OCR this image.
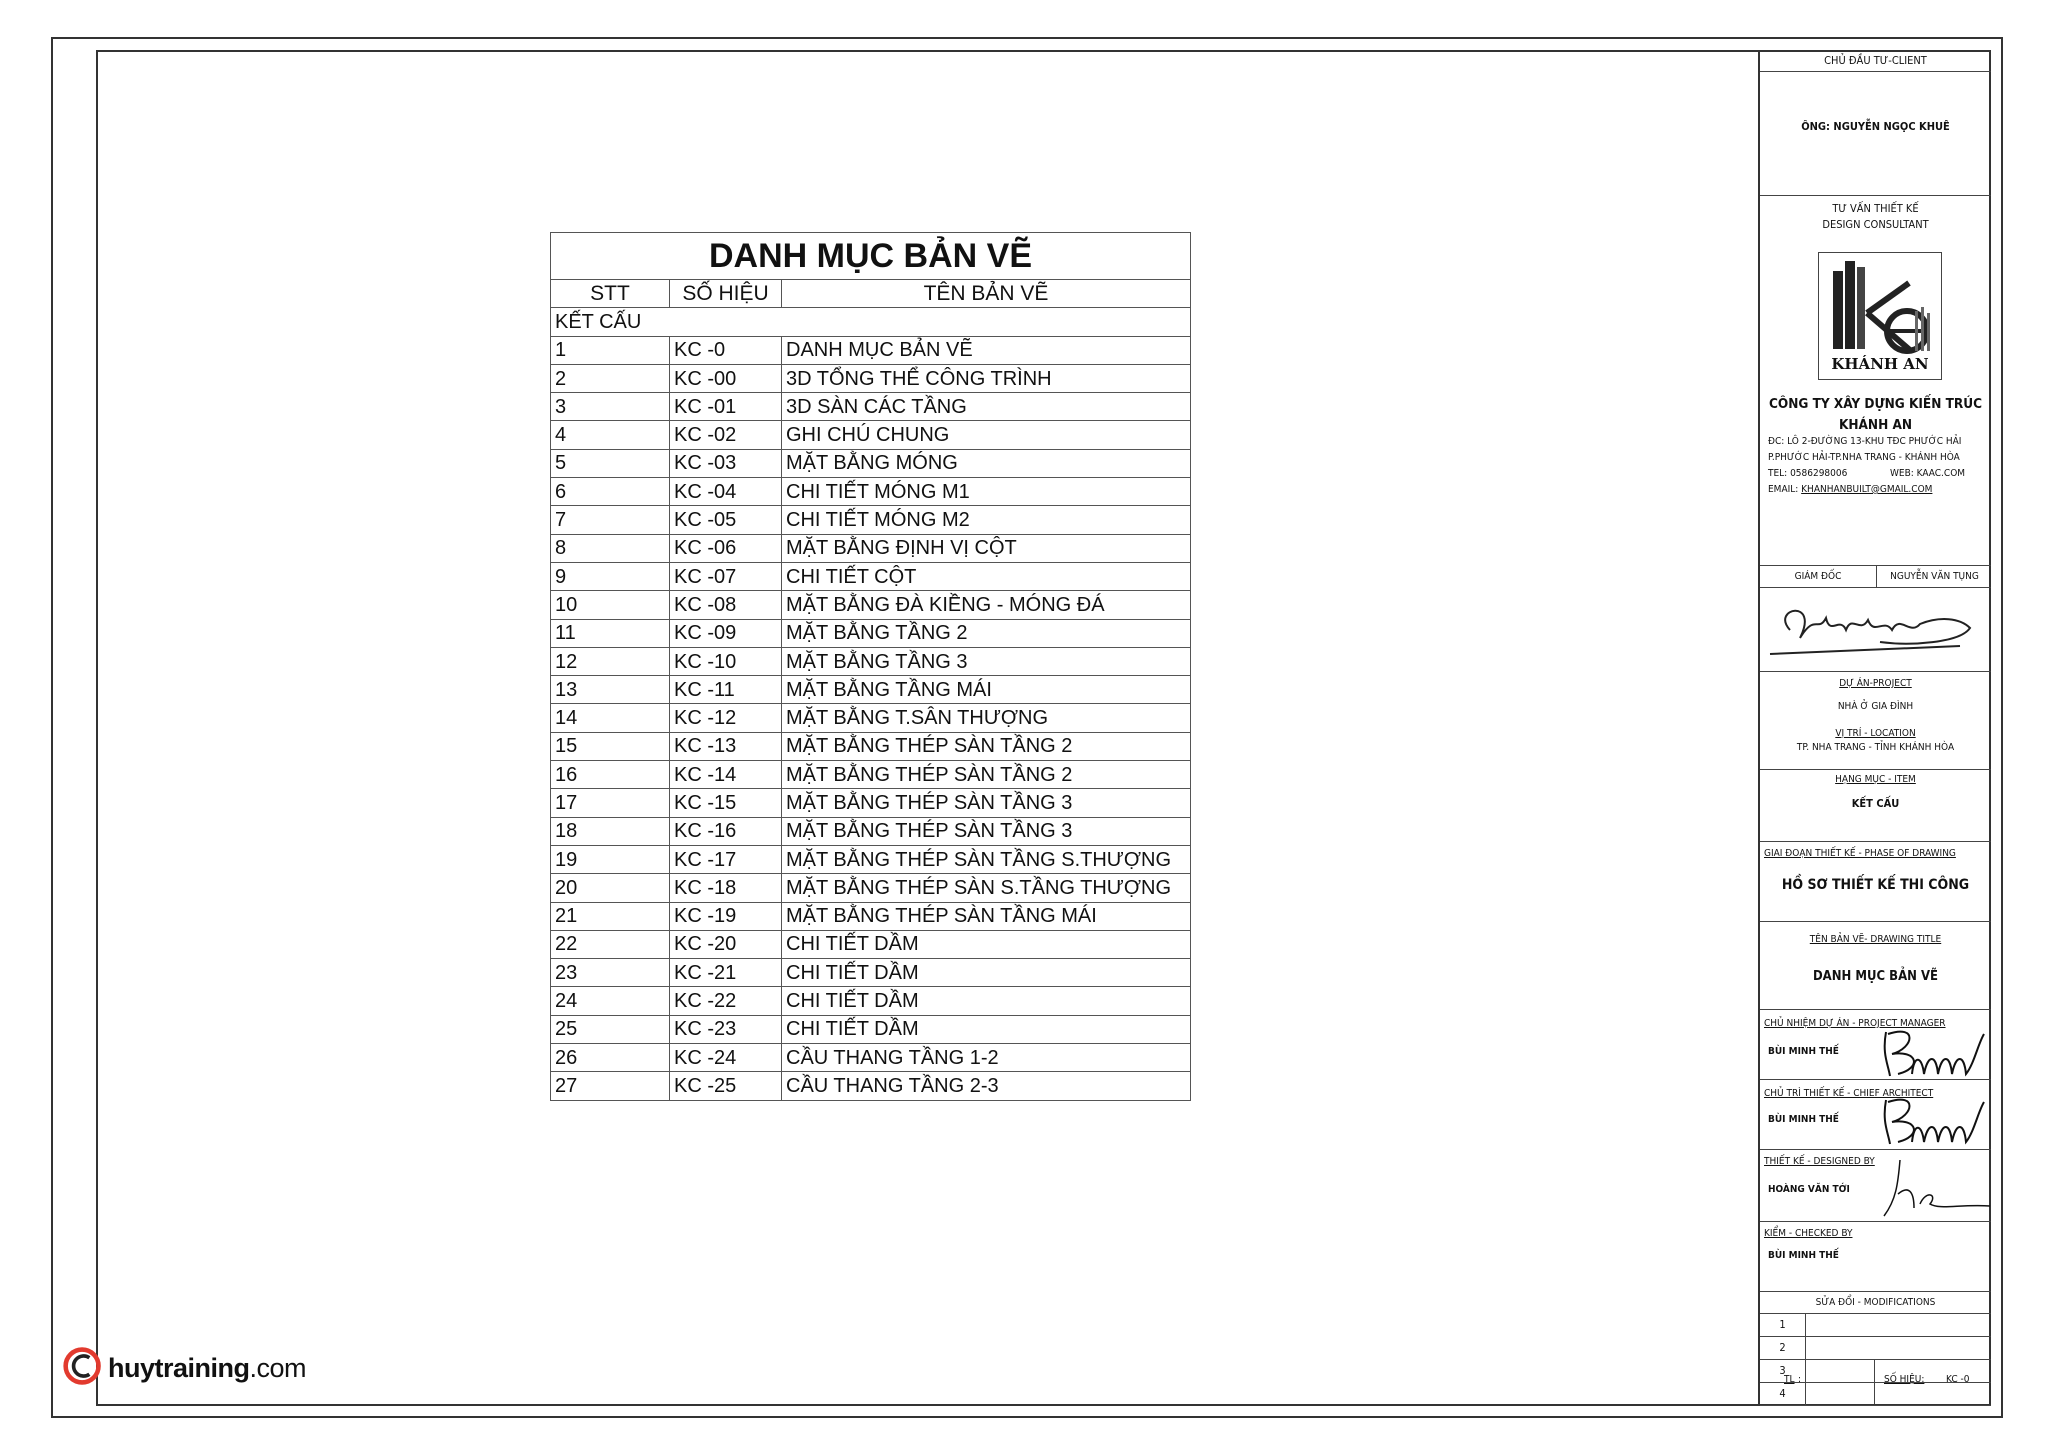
DANH MỤC BẢN VẼ		
STT	SỐ HIỆU	TÊN BẢN VẼ
KẾT CẤU		
1	KC -0	DANH MỤC BẢN VẼ
2	KC -00	3D TỔNG THỂ CÔNG TRÌNH
3	KC -01	3D SÀN CÁC TẦNG
4	KC -02	GHI CHÚ CHUNG
5	KC -03	MẶT BẰNG MÓNG
6	KC -04	CHI TIẾT MÓNG M1
7	KC -05	CHI TIẾT MÓNG M2
8	KC -06	MẶT BẰNG ĐỊNH VỊ CỘT
9	KC -07	CHI TIẾT CỘT
10	KC -08	MẶT BẰNG ĐÀ KIỀNG - MÓNG ĐÁ
11	KC -09	MẶT BẰNG TẦNG 2
12	KC -10	MẶT BẰNG TẦNG 3
13	KC -11	MẶT BẰNG TẦNG MÁI
14	KC -12	MẶT BẰNG T.SÂN THƯỢNG
15	KC -13	MẶT BẰNG THÉP SÀN TẦNG 2
16	KC -14	MẶT BẰNG THÉP SÀN TẦNG 2
17	KC -15	MẶT BẰNG THÉP SÀN TẦNG 3
18	KC -16	MẶT BẰNG THÉP SÀN TẦNG 3
19	KC -17	MẶT BẰNG THÉP SÀN TẦNG S.THƯỢNG
20	KC -18	MẶT BẰNG THÉP SÀN S.TẦNG THƯỢNG
21	KC -19	MẶT BẰNG THÉP SÀN TẦNG MÁI
22	KC -20	CHI TIẾT DẦM
23	KC -21	CHI TIẾT DẦM
24	KC -22	CHI TIẾT DẦM
25	KC -23	CHI TIẾT DẦM
26	KC -24	CẦU THANG TẦNG 1-2
27	KC -25	CẦU THANG TẦNG 2-3
CHỦ ĐẦU TƯ-CLIENT
ÔNG: NGUYỄN NGỌC KHUÊ
TƯ VẤN THIẾT KẾ
DESIGN CONSULTANT
KHÁNH AN
CÔNG TY XÂY DỰNG KIẾN TRÚC
KHÁNH AN
ĐC: LÔ 2-ĐƯỜNG 13-KHU TĐC PHƯỚC HẢI
P.PHƯỚC HẢI-TP.NHA TRANG - KHÁNH HÒA
TEL: 0586298006	WEB: KAAC.COM
EMAIL: KHANHANBUILT@GMAIL.COM
GIÁM ĐỐC	NGUYỄN VĂN TỤNG
DỰ ÁN-PROJECT
NHÀ Ở GIA ĐÌNH
VỊ TRÍ - LOCATION
TP. NHA TRANG - TỈNH KHÁNH HÒA
HẠNG MỤC - ITEM
KẾT CẤU
GIAI ĐOẠN THIẾT KẾ - PHASE OF DRAWING
HỒ SƠ THIẾT KẾ THI CÔNG
TÊN BẢN VẼ- DRAWING TITLE
DANH MỤC BẢN VẼ
CHỦ NHIỆM DỰ ÁN - PROJECT MANAGER
BÙI MINH THẾ
CHỦ TRÌ THIẾT KẾ - CHIEF ARCHITECT
BÙI MINH THẾ
THIẾT KẾ - DESIGNED BY
HOÀNG VĂN TỚI
KIỂM - CHECKED BY
BÙI MINH THẾ
SỬA ĐỔI - MODIFICATIONS
1
2
3
4
TL :	SỐ HIỆU: KC -0
huytraining.com
